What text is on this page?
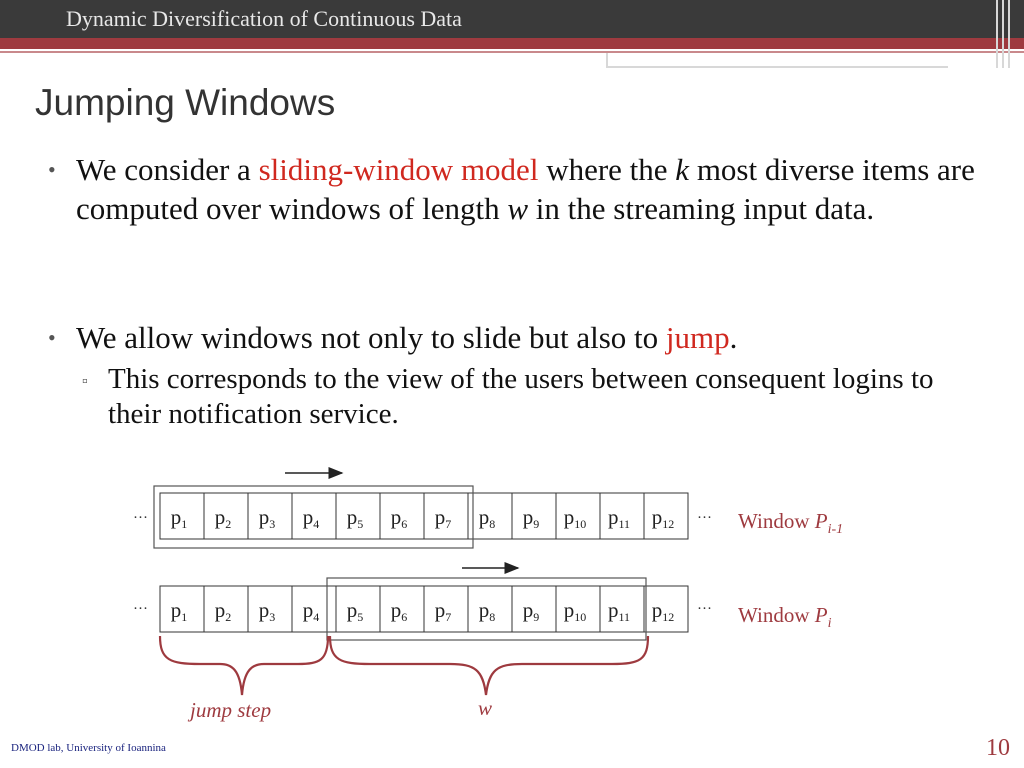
Dynamic Diversification of Continuous Data
Jumping Windows
• We consider a sliding-window model where the k most diverse items are computed over windows of length w in the streaming input data.
• We allow windows not only to slide but also to jump.
▫ This corresponds to the view of the users between consequent logins to their notification service.
p1 p2 p3 p4 p5 p6 p7 p8 p9 p10 p11 p12
p1 p2 p3 p4 p5 p6 p7 p8 p9 p10 p11 p12
···	···
···	···
Window $P_{i-1}$
Window $P_i$
jump step	w
DMOD lab, University of Ioannina	10
